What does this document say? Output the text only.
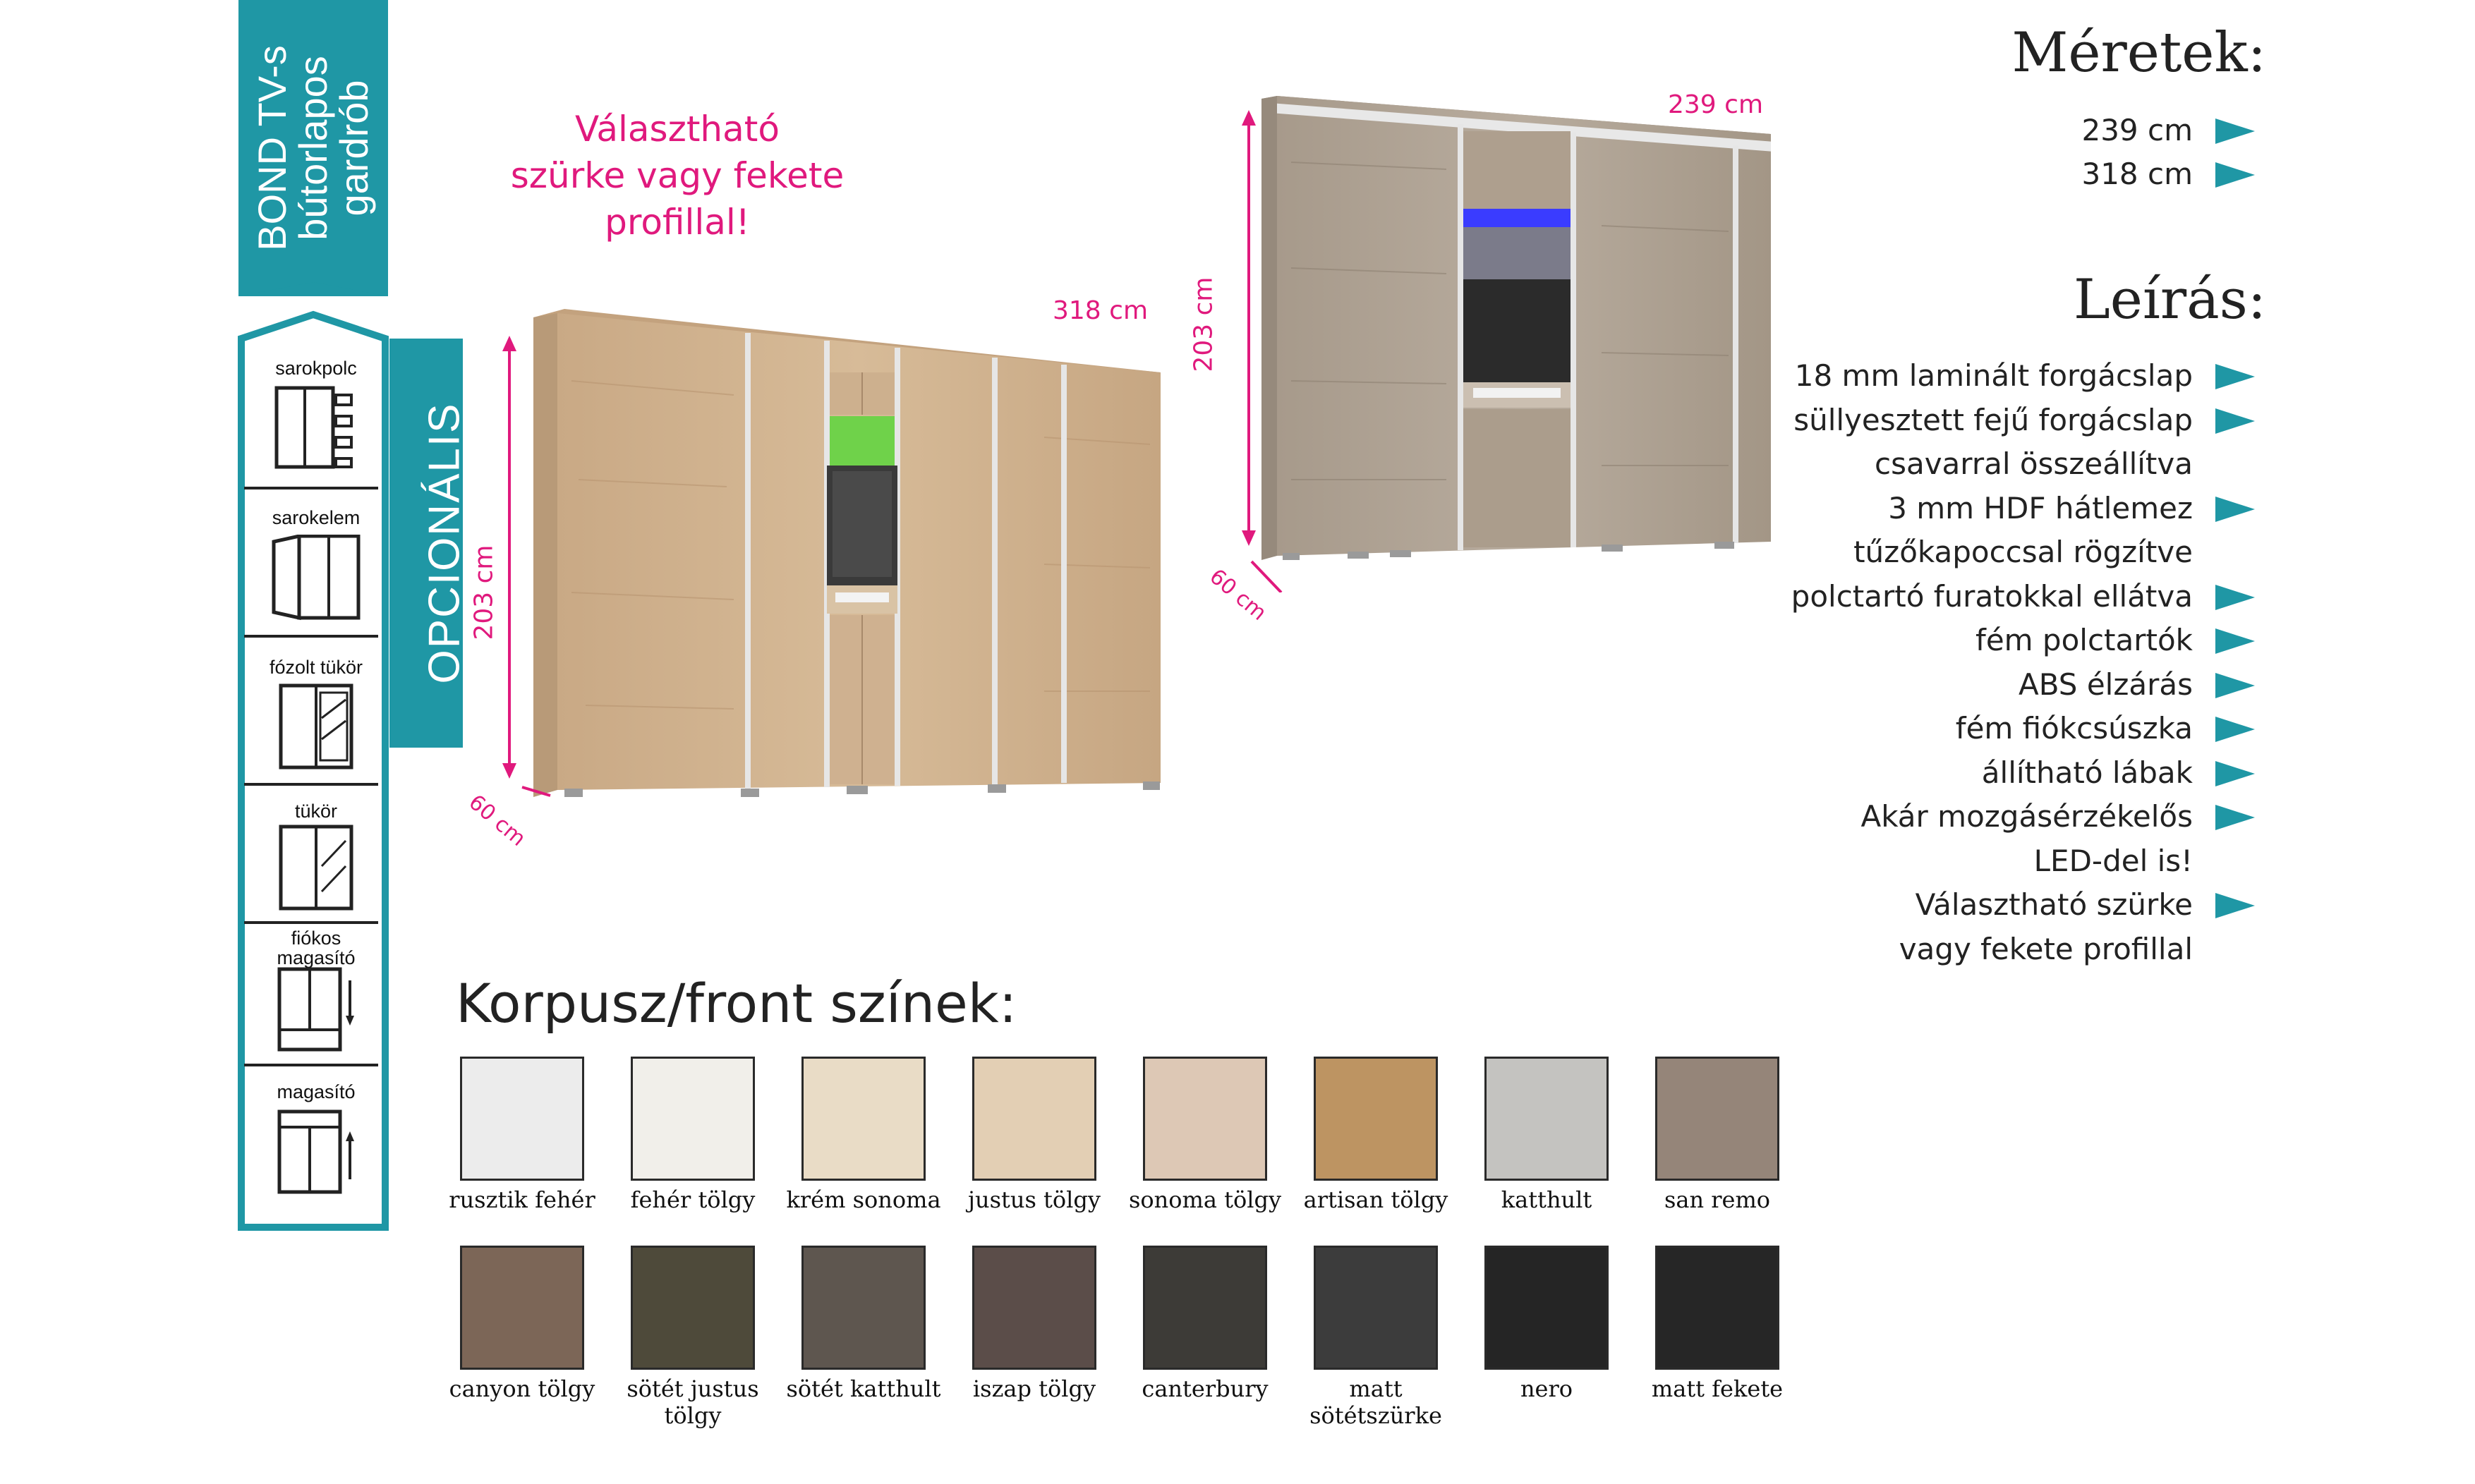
BOND TV-s
bútorlapos
gardrób
OPCIONÁLIS
sarokpolc
sarokelem
fózolt tükör
tükör
fiókos magasító
magasító
Választható
szürke vagy fekete
profillal!
318 cm
203 cm
60 cm
239 cm
203 cm
60 cm
Méretek:
239 cm
318 cm
Leírás:
18 mm laminált forgácslap
süllyesztett fejű forgácslap
csavarral összeállítva
3 mm HDF hátlemez
tűzőkapoccsal rögzítve
polctartó furatokkal ellátva
fém polctartók
ABS élzárás
fém fiókcsúszka
állítható lábak
Akár mozgásérzékelős
LED-del is!
Választható szürke
vagy fekete profillal
Korpusz/front színek:
rusztik fehér	fehér tölgy	krém sonoma	justus tölgy	sonoma tölgy artisan tölgy	katthult	san remo
canyon tölgy	sötét justus tölgy
sötét katthult	iszap tölgy	canterbury	matt sötétszürke
nero	matt fekete
